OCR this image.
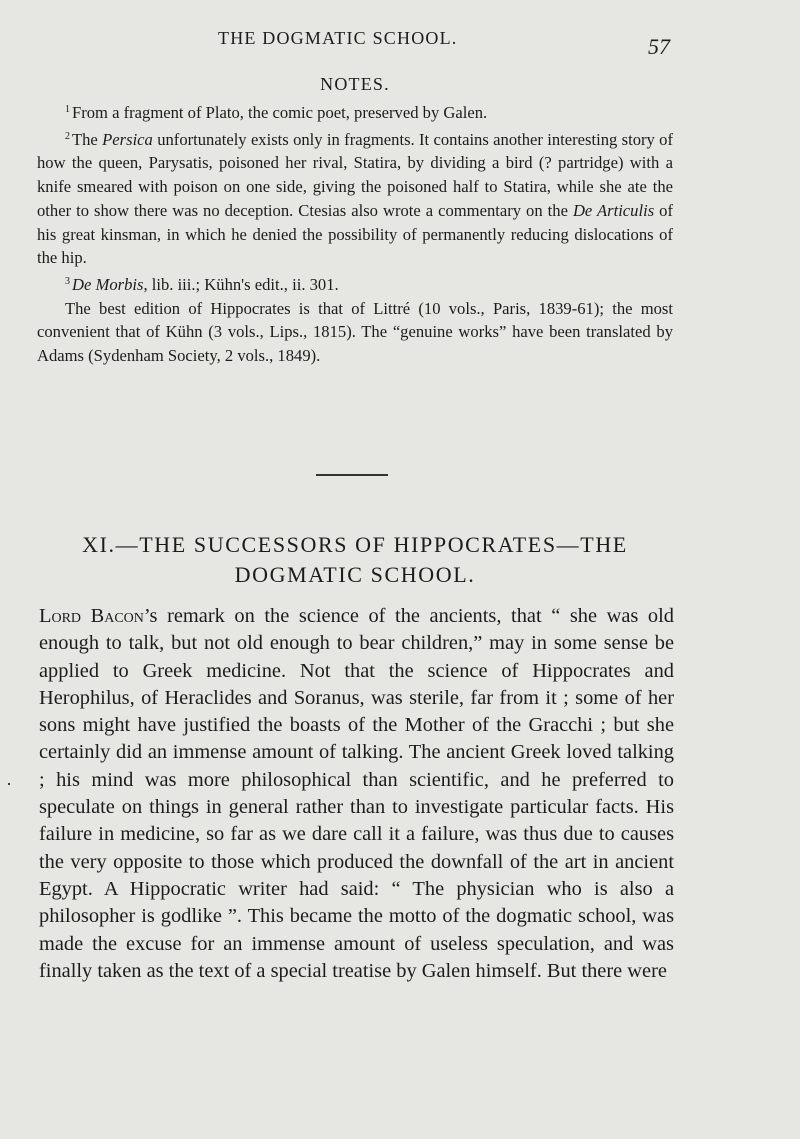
THE DOGMATIC SCHOOL.	57
NOTES.

$^1$ From a fragment of Plato, the comic poet, preserved by Galen.

$^2$ The Persica unfortunately exists only in fragments. It contains another interesting story of how the queen, Parysatis, poisoned her rival, Statira, by dividing a bird (? partridge) with a knife smeared with poison on one side, giving the poisoned half to Statira, while she ate the other to show there was no deception. Ctesias also wrote a commentary on the De Articulis of his great kinsman, in which he denied the possibility of permanently reducing dislocations of the hip.

$^3$ De Morbis, lib. iii.; Kühn's edit., ii. 301.

The best edition of Hippocrates is that of Littré (10 vols., Paris, 1839-61); the most convenient that of Kühn (3 vols., Lips., 1815). The “genuine works” have been translated by Adams (Sydenham Society, 2 vols., 1849).

XI.—THE SUCCESSORS OF HIPPOCRATES—THE
DOGMATIC SCHOOL.

Lord Bacon’s remark on the science of the ancients, that “ she was old enough to talk, but not old enough to bear children,” may in some sense be applied to Greek medicine. Not that the science of Hippocrates and Herophilus, of Heraclides and Soranus, was sterile, far from it ; some of her sons might have justified the boasts of the Mother of the Gracchi ; but she certainly did an immense amount of talking. The ancient Greek loved talking ; his mind was more philosophical than scientific, and he preferred to speculate on things in general rather than to investigate particular facts. His failure in medicine, so far as we dare call it a failure, was thus due to causes the very opposite to those which produced the downfall of the art in ancient Egypt. A Hippocratic writer had said: “ The physician who is also a philosopher is godlike ”. This became the motto of the dogmatic school, was made the excuse for an immense amount of useless speculation, and was finally taken as the text of a special treatise by Galen himself. But there were

·
